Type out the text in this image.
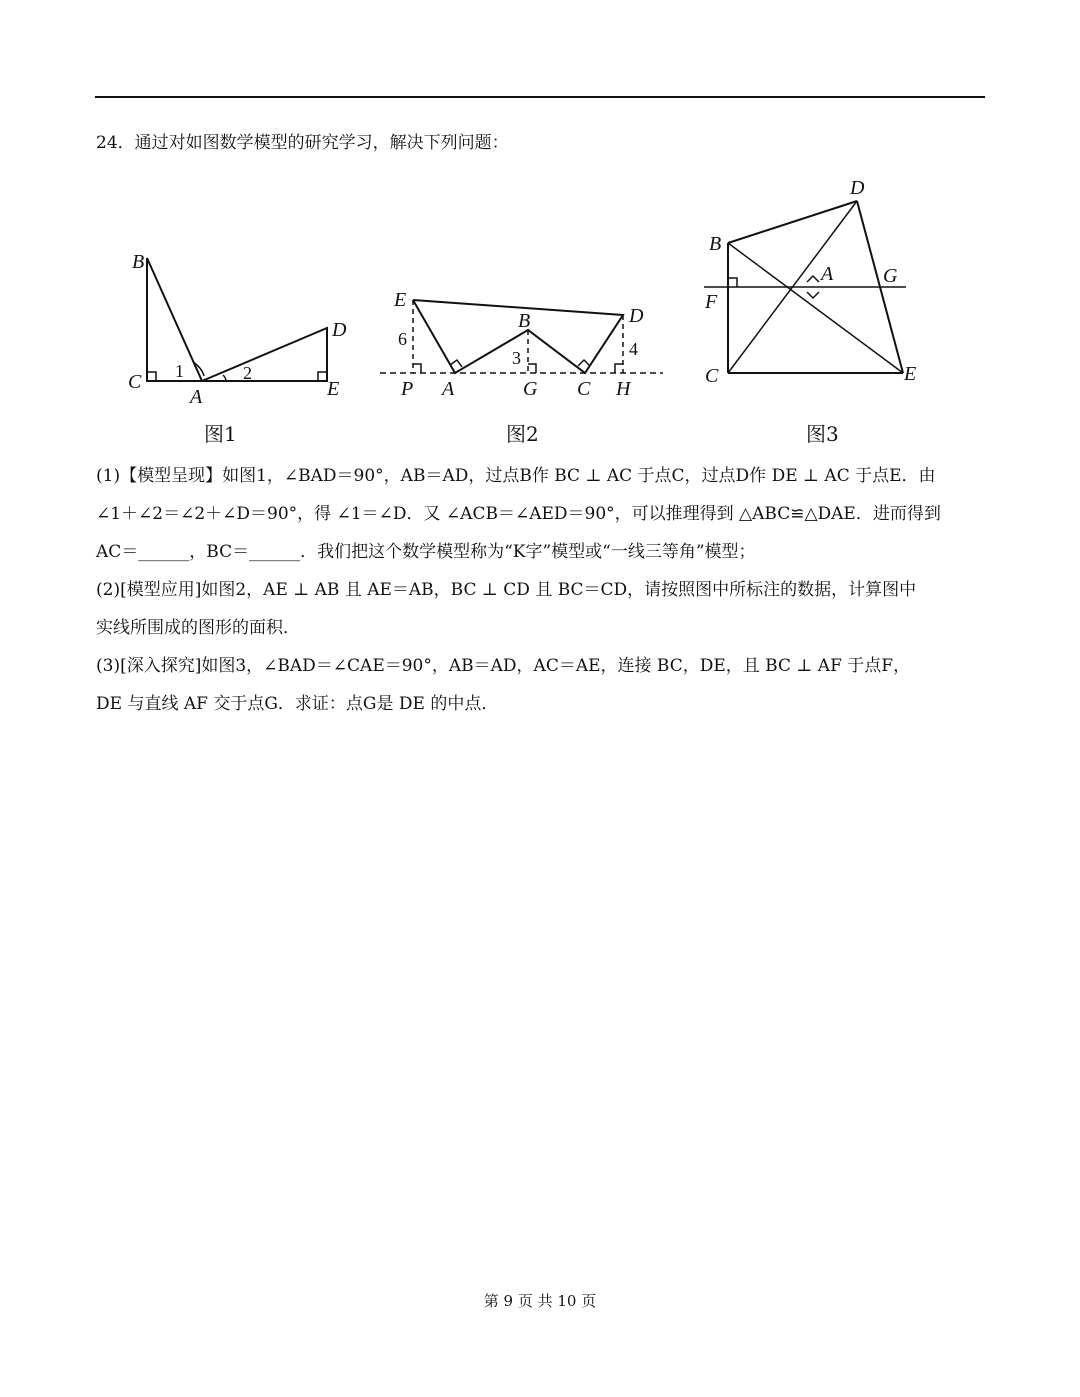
24．通过对如图数学模型的研究学习，解决下列问题：
B
C
A
D
E
1	2
图1
E
B	D
P A	G C H
6
3	4
图2
D
B
A G
F
C	E
图3
(1)【模型呈现】如图1，∠BAD＝90°，AB＝AD，过点B作 BC ⊥ AC 于点C，过点D作 DE ⊥ AC 于点E．由
∠1＋∠2＝∠2＋∠D＝90°，得 ∠1＝∠D．又 ∠ACB＝∠AED＝90°，可以推理得到 △ABC≌△DAE．进而得到
AC＝______，BC＝______．我们把这个数学模型称为“K字”模型或“一线三等角”模型；
(2)[模型应用]如图2，AE ⊥ AB 且 AE＝AB，BC ⊥ CD 且 BC＝CD，请按照图中所标注的数据，计算图中
实线所围成的图形的面积．
(3)[深入探究]如图3，∠BAD＝∠CAE＝90°，AB＝AD，AC＝AE，连接 BC，DE，且 BC ⊥ AF 于点F，
DE 与直线 AF 交于点G．求证：点G是 DE 的中点．
第 9 页 共 10 页
